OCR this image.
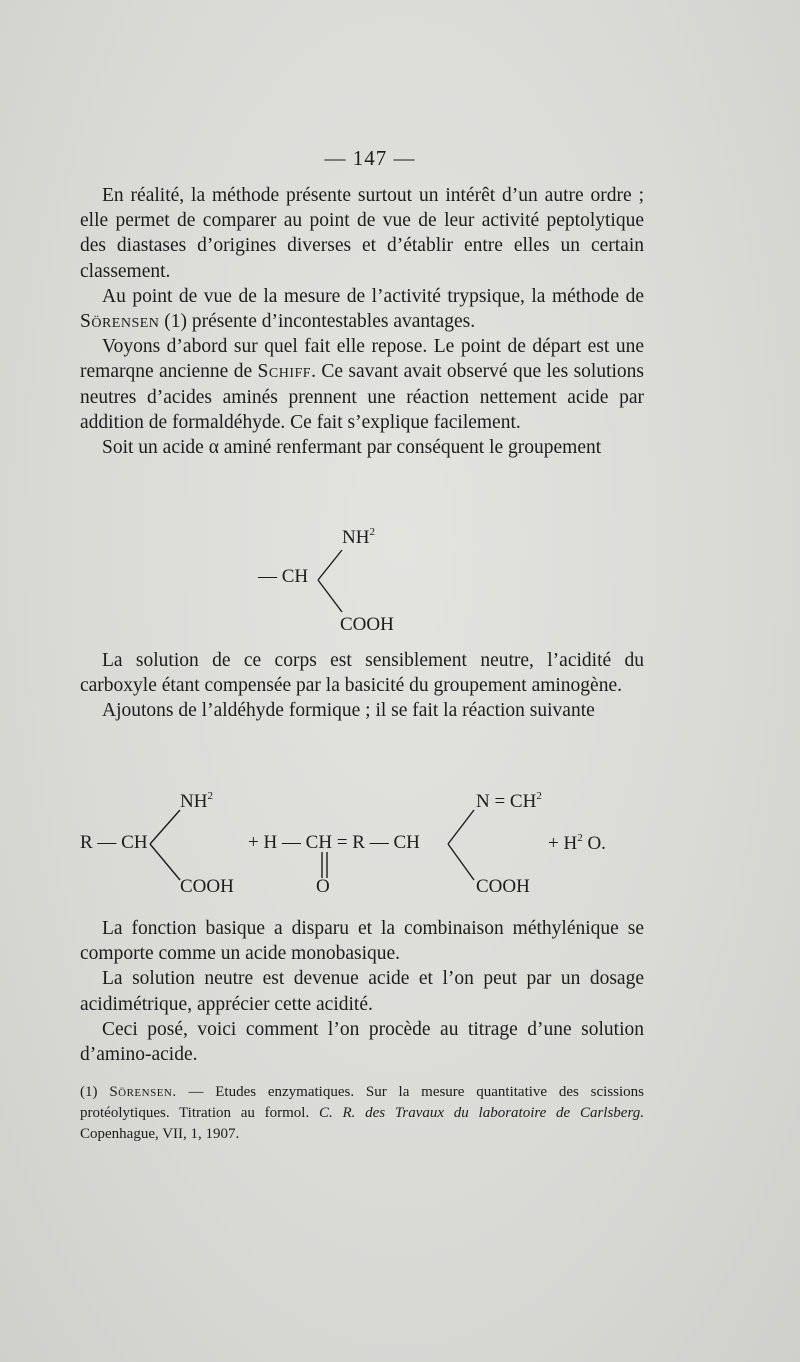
— 147 —

En réalité, la méthode présente surtout un intérêt d’un autre ordre ; elle permet de comparer au point de vue de leur activité peptolytique des diastases d’origines diverses et d’établir entre elles un certain classement.

Au point de vue de la mesure de l’activité trypsique, la méthode de Sörensen (1) présente d’incontestables avantages.

Voyons d’abord sur quel fait elle repose. Le point de départ est une remarqne ancienne de Schiff. Ce savant avait observé que les solutions neutres d’acides aminés prennent une réaction nettement acide par addition de formaldéhyde. Ce fait s’explique facilement.

Soit un acide α aminé renfermant par conséquent le groupement

$NH^2$
— CH
COOH

La solution de ce corps est sensiblement neutre, l’acidité du carboxyle étant compensée par la basicité du groupement aminogène.

Ajoutons de l’aldéhyde formique ; il se fait la réaction suivante

R — CH
$NH^2$
COOH
+ H — CH = R — CH
O
$N = CH^2$
COOH
+ $H^2$ O.

La fonction basique a disparu et la combinaison méthylénique se comporte comme un acide monobasique.

La solution neutre est devenue acide et l’on peut par un dosage acidimétrique, apprécier cette acidité.

Ceci posé, voici comment l’on procède au titrage d’une solution d’amino-acide.

(1) Sörensen. — Etudes enzymatiques. Sur la mesure quantitative des scissions protéolytiques. Titration au formol. C. R. des Travaux du laboratoire de Carlsberg. Copenhague, VII, 1, 1907.
